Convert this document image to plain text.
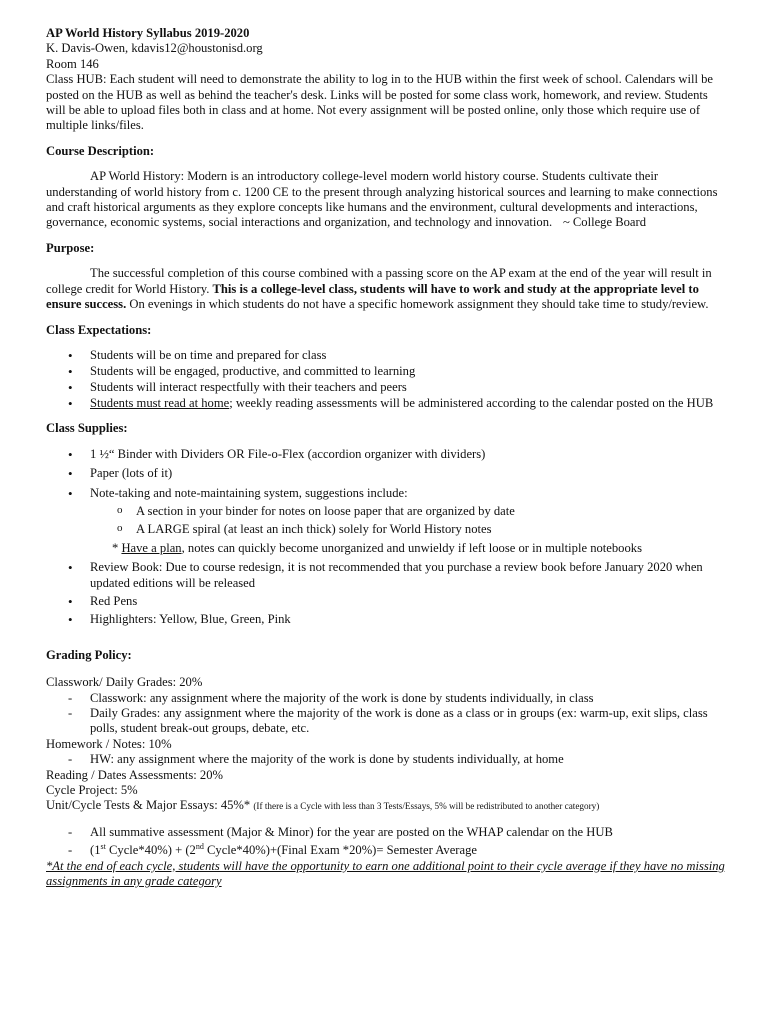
AP World History Syllabus 2019-2020

K. Davis-Owen, kdavis12@houstonisd.org

Room 146

Class HUB: Each student will need to demonstrate the ability to log in to the HUB within the first week of school. Calendars will be posted on the HUB as well as behind the teacher's desk. Links will be posted for some class work, homework, and review. Students will be able to upload files both in class and at home. Not every assignment will be posted online, only those which require use of multiple links/files.

Course Description:

AP World History: Modern is an introductory college-level modern world history course. Students cultivate their understanding of world history from c. 1200 CE to the present through analyzing historical sources and learning to make connections and craft historical arguments as they explore concepts like humans and the environment, cultural developments and interactions, governance, economic systems, social interactions and organization, and technology and innovation. ~ College Board

Purpose:

The successful completion of this course combined with a passing score on the AP exam at the end of the year will result in college credit for World History. This is a college-level class, students will have to work and study at the appropriate level to ensure success. On evenings in which students do not have a specific homework assignment they should take time to study/review.

Class Expectations:

• Students will be on time and prepared for class
• Students will be engaged, productive, and committed to learning
• Students will interact respectfully with their teachers and peers
• Students must read at home; weekly reading assessments will be administered according to the calendar posted on the HUB

Class Supplies:

• 1 ½“ Binder with Dividers OR File-o-Flex (accordion organizer with dividers)
• Paper (lots of it)
• Note-taking and note-maintaining system, suggestions include:
o A section in your binder for notes on loose paper that are organized by date
o A LARGE spiral (at least an inch thick) solely for World History notes
* Have a plan, notes can quickly become unorganized and unwieldy if left loose or in multiple notebooks
• Review Book: Due to course redesign, it is not recommended that you purchase a review book before January 2020 when updated editions will be released
• Red Pens
• Highlighters: Yellow, Blue, Green, Pink

Grading Policy:

Classwork/ Daily Grades: 20%

- Classwork: any assignment where the majority of the work is done by students individually, in class
- Daily Grades: any assignment where the majority of the work is done as a class or in groups (ex: warm-up, exit slips, class polls, student break-out groups, debate, etc.

Homework / Notes: 10%

- HW: any assignment where the majority of the work is done by students individually, at home

Reading / Dates Assessments: 20%

Cycle Project: 5%

Unit/Cycle Tests & Major Essays: 45%* (If there is a Cycle with less than 3 Tests/Essays, 5% will be redistributed to another category)

- All summative assessment (Major & Minor) for the year are posted on the WHAP calendar on the HUB
- (1st Cycle*40%) + (2nd Cycle*40%)+(Final Exam *20%)= Semester Average

*At the end of each cycle, students will have the opportunity to earn one additional point to their cycle average if they have no missing assignments in any grade category
